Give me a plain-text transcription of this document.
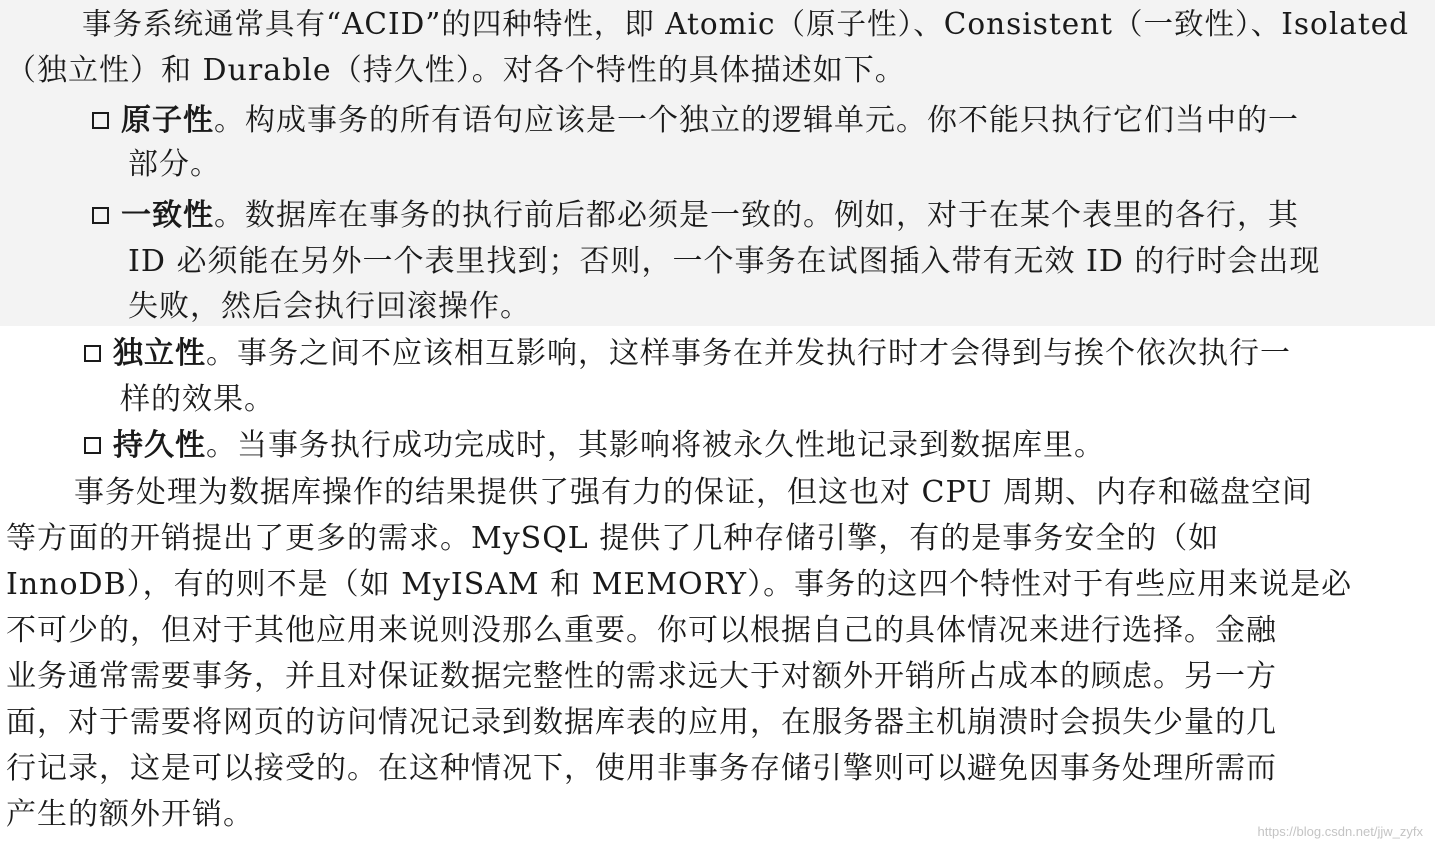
事务系统通常具有“ACID”的四种特性，即 Atomic（原子性）、Consistent（一致性）、Isolated
（独立性）和 Durable（持久性）。对各个特性的具体描述如下。
原子性。构成事务的所有语句应该是一个独立的逻辑单元。你不能只执行它们当中的一
部分。
一致性。数据库在事务的执行前后都必须是一致的。例如，对于在某个表里的各行，其
ID 必须能在另外一个表里找到；否则，一个事务在试图插入带有无效 ID 的行时会出现
失败，然后会执行回滚操作。
独立性。事务之间不应该相互影响，这样事务在并发执行时才会得到与挨个依次执行一
样的效果。
持久性。当事务执行成功完成时，其影响将被永久性地记录到数据库里。
事务处理为数据库操作的结果提供了强有力的保证，但这也对 CPU 周期、内存和磁盘空间
等方面的开销提出了更多的需求。MySQL 提供了几种存储引擎，有的是事务安全的（如
InnoDB），有的则不是（如 MyISAM 和 MEMORY）。事务的这四个特性对于有些应用来说是必
不可少的，但对于其他应用来说则没那么重要。你可以根据自己的具体情况来进行选择。金融
业务通常需要事务，并且对保证数据完整性的需求远大于对额外开销所占成本的顾虑。另一方
面，对于需要将网页的访问情况记录到数据库表的应用，在服务器主机崩溃时会损失少量的几
行记录，这是可以接受的。在这种情况下，使用非事务存储引擎则可以避免因事务处理所需而
产生的额外开销。	https://blog.csdn.net/jjw_zyfx
